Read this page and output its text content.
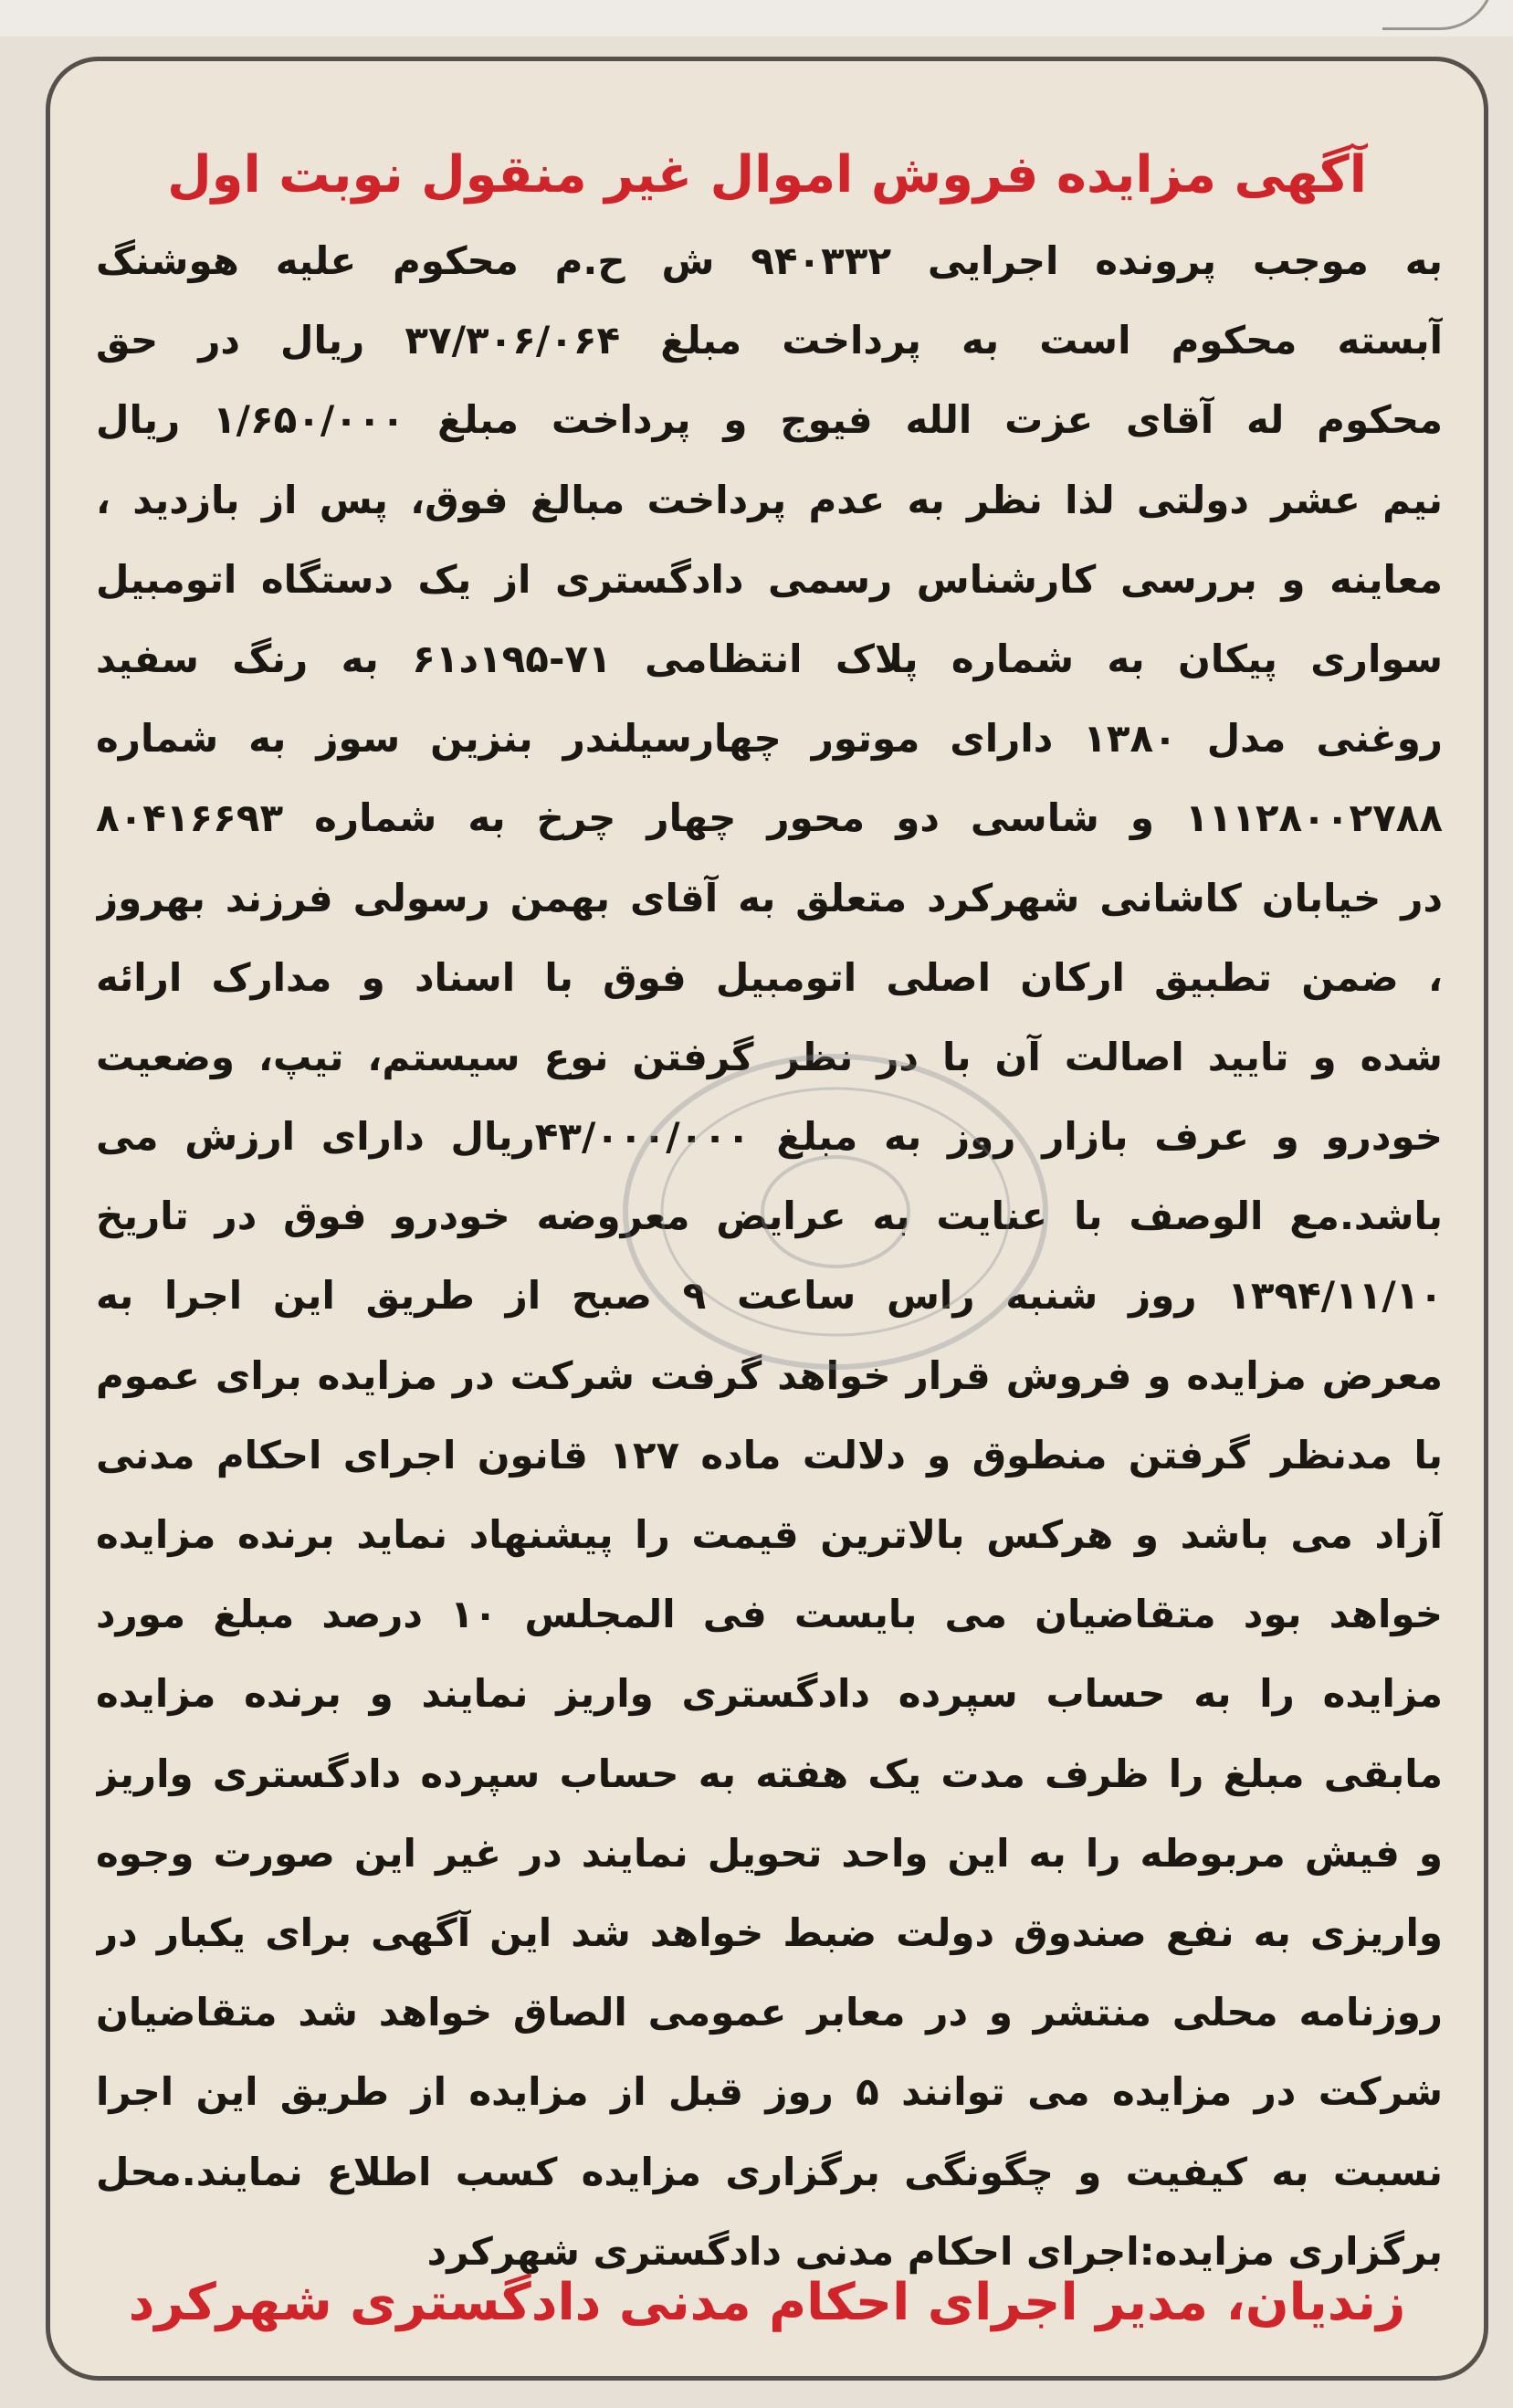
آگهی مزایده فروش اموال غیر منقول نوبت اول
به موجب پرونده اجرایی ۹۴۰۳۳۲ ش ح.م محکوم علیه هوشنگ
آبسته محکوم است به پرداخت مبلغ ۳۷/۳۰۶/۰۶۴ ریال در حق
محکوم له آقای عزت الله فیوج و پرداخت مبلغ ۱/۶۵۰/۰۰۰ ریال
نیم عشر دولتی لذا نظر به عدم پرداخت مبالغ فوق، پس از بازدید ،
معاینه و بررسی کارشناس رسمی دادگستری از یک دستگاه اتومبیل
سواری پیکان به شماره پلاک انتظامی ۷۱-۱۹۵د۶۱ به رنگ سفید
روغنی مدل ۱۳۸۰ دارای موتور چهارسیلندر بنزین سوز به شماره
۱۱۱۲۸۰۰۲۷۸۸ و شاسی دو محور چهار چرخ به شماره ۸۰۴۱۶۶۹۳
در خیابان کاشانی شهرکرد متعلق به آقای بهمن رسولی فرزند بهروز
، ضمن تطبیق ارکان اصلی اتومبیل فوق با اسناد و مدارک ارائه
شده و تایید اصالت آن با در نظر گرفتن نوع سیستم، تیپ، وضعیت
خودرو و عرف بازار روز به مبلغ ۴۳/۰۰۰/۰۰۰ریال دارای ارزش می
باشد.مع الوصف با عنایت به عرایض معروضه خودرو فوق در تاریخ
۱۳۹۴/۱۱/۱۰ روز شنبه راس ساعت ۹ صبح از طریق این اجرا به
معرض مزایده و فروش قرار خواهد گرفت شرکت در مزایده برای عموم
با مدنظر گرفتن منطوق و دلالت ماده ۱۲۷ قانون اجرای احکام مدنی
آزاد می باشد و هرکس بالاترین قیمت را پیشنهاد نماید برنده مزایده
خواهد بود متقاضیان می بایست فی المجلس ۱۰ درصد مبلغ مورد
مزایده را به حساب سپرده دادگستری واریز نمایند و برنده مزایده
مابقی مبلغ را ظرف مدت یک هفته به حساب سپرده دادگستری واریز
و فیش مربوطه را به این واحد تحویل نمایند در غیر این صورت وجوه
واریزی به نفع صندوق دولت ضبط خواهد شد این آگهی برای یکبار در
روزنامه محلی منتشر و در معابر عمومی الصاق خواهد شد متقاضیان
شرکت در مزایده می توانند ۵ روز قبل از مزایده از طریق این اجرا
نسبت به کیفیت و چگونگی برگزاری مزایده کسب اطلاع نمایند.محل
برگزاری مزایده:اجرای احکام مدنی دادگستری شهرکرد
زندیان، مدیر اجرای احکام مدنی دادگستری شهرکرد
